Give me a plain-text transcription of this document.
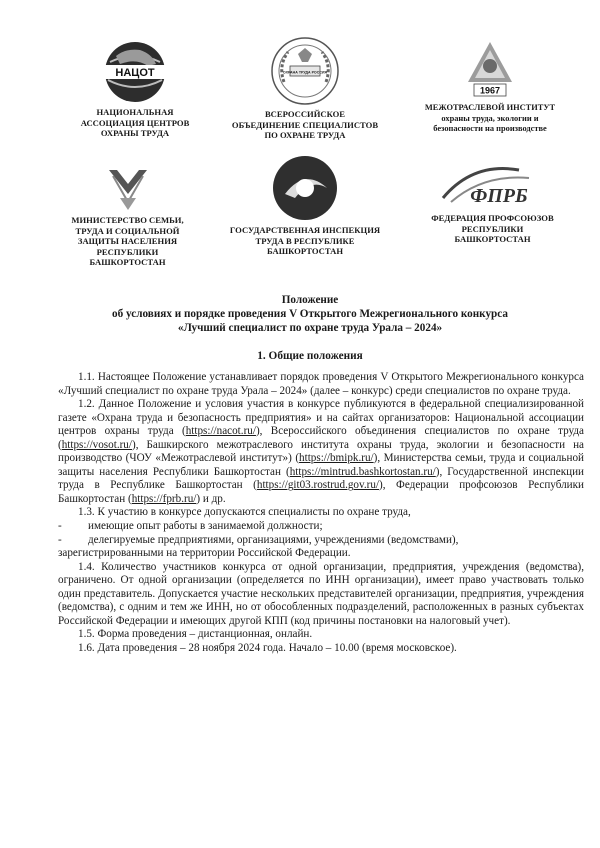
НАЦОТ
НАЦИОНАЛЬНАЯ
АССОЦИАЦИЯ ЦЕНТРОВ
ОХРАНЫ ТРУДА
ОХРАНА ТРУДА РОССИЯ
ВСЕРОССИЙСКОЕ
ОБЪЕДИНЕНИЕ СПЕЦИАЛИСТОВ
ПО ОХРАНЕ ТРУДА
1967
МЕЖОТРАСЛЕВОЙ ИНСТИТУТ
охраны труда, экологии и
безопасности на производстве
МИНИСТЕРСТВО СЕМЬИ,
ТРУДА И СОЦИАЛЬНОЙ
ЗАЩИТЫ НАСЕЛЕНИЯ
РЕСПУБЛИКИ
БАШКОРТОСТАН
ГОСУДАРСТВЕННАЯ ИНСПЕКЦИЯ
ТРУДА В РЕСПУБЛИКЕ
БАШКОРТОСТАН
ФПРБ
ФЕДЕРАЦИЯ ПРОФСОЮЗОВ
РЕСПУБЛИКИ
БАШКОРТОСТАН
Положение
об условиях и порядке проведения V Открытого Межрегионального конкурса
«Лучший специалист по охране труда Урала – 2024»
1. Общие положения

1.1. Настоящее Положение устанавливает порядок проведения V Открытого Межрегионального конкурса «Лучший специалист по охране труда Урала – 2024» (далее – конкурс) среди специалистов по охране труда.

1.2. Данное Положение и условия участия в конкурсе публикуются в федеральной специализированной газете «Охрана труда и безопасность предприятия» и на сайтах организаторов: Национальной ассоциации центров охраны труда (https://nacot.ru/), Всероссийского объединения специалистов по охране труда (https://vosot.ru/), Башкирского межотраслевого института охраны труда, экологии и безопасности на производство (ЧОУ «Межотраслевой институт») (https://bmipk.ru/), Министерства семьи, труда и социальной защиты населения Республики Башкортостан (https://mintrud.bashkortostan.ru/), Государственной инспекции труда в Республике Башкортостан (https://git03.rostrud.gov.ru/), Федерации профсоюзов Республики Башкортостан (https://fprb.ru/) и др.

1.3. К участию в конкурсе допускаются специалисты по охране труда,

-	имеющие опыт работы в занимаемой должности;
-	делегируемые предприятиями, организациями, учреждениями (ведомствами),

зарегистрированными на территории Российской Федерации.

1.4. Количество участников конкурса от одной организации, предприятия, учреждения (ведомства), ограничено. От одной организации (определяется по ИНН организации), имеет право участвовать только один представитель. Допускается участие нескольких представителей организации, предприятия, учреждения (ведомства), с одним и тем же ИНН, но от обособленных подразделений, расположенных в разных субъектах Российской Федерации и имеющих другой КПП (код причины постановки на налоговый учет).

1.5. Форма проведения – дистанционная, онлайн.

1.6. Дата проведения – 28 ноября 2024 года. Начало – 10.00 (время московское).
